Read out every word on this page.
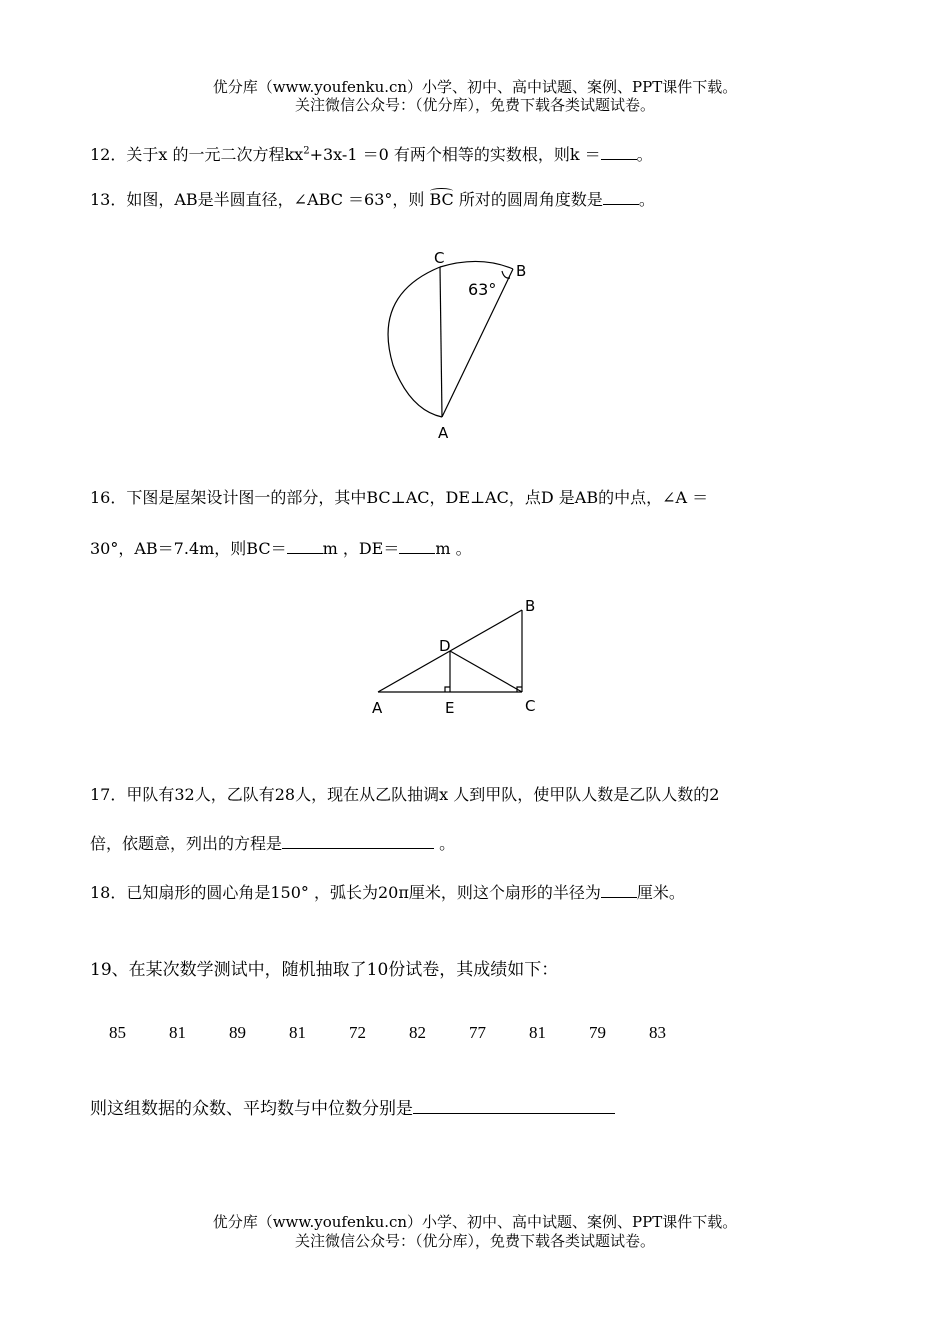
优分库（www.youfenku.cn）小学、初中、高中试题、案例、PPT课件下载。
关注微信公众号：（优分库），免费下载各类试题试卷。
12．关于x 的一元二次方程$kx^2+3x-1 =0$ 有两个相等的实数根，则k ＝ 。
13．如图，AB是半圆直径，∠ABC ＝63°，则 BC 所对的圆周角度数是 。
C
B
A
63°
16．下图是屋架设计图一的部分，其中BC⊥AC，DE⊥AC，点D 是AB的中点，∠A ＝
30°，AB＝7.4m，则BC＝ m ，DE＝ m 。
A
B
C
D
E
17．甲队有32人，乙队有28人，现在从乙队抽调x 人到甲队，使甲队人数是乙队人数的2
倍，依题意，列出的方程是	。
18．已知扇形的圆心角是150° ，弧长为20π厘米，则这个扇形的半径为 厘米。
19、在某次数学测试中，随机抽取了10份试卷，其成绩如下：
85	81	89	81	72	82	77	81	79	83
则这组数据的众数、平均数与中位数分别是
优分库（www.youfenku.cn）小学、初中、高中试题、案例、PPT课件下载。
关注微信公众号：（优分库），免费下载各类试题试卷。
